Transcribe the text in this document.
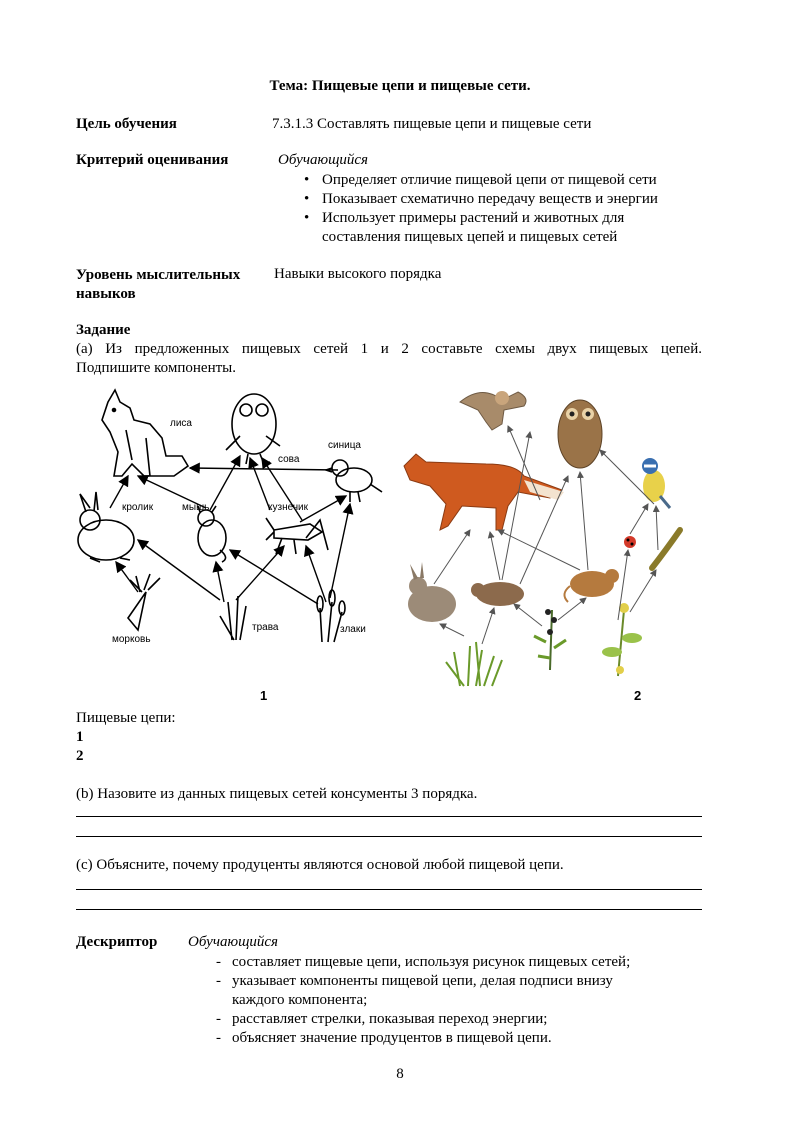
Тема: Пищевые цепи и пищевые сети.
Цель обучения	7.3.1.3 Составлять пищевые цепи и пищевые сети
Критерий оценивания	Обучающийся
• Определяет отличие пищевой цепи от пищевой сети
• Показывает схематично передачу веществ и энергии
• Использует примеры растений и животных для
составления пищевых цепей и пищевых сетей
Уровень мыслительных
навыков
Навыки высокого порядка
Задание
(a) Из предложенных пищевых сетей 1 и 2 составьте схемы двух пищевых цепей.
Подпишите компоненты.
лиса
сова
синица
кролик	мышь	кузнечик
морковь
трава	злаки
1	2
Пищевые цепи:
1
2
(b) Назовите из данных пищевых сетей консументы 3 порядка.
(c) Объясните, почему продуценты являются основой любой пищевой цепи.
Дескриптор Обучающийся
- составляет пищевые цепи, используя рисунок пищевых сетей;
- указывает компоненты пищевой цепи, делая подписи внизу
каждого компонента;
- расставляет стрелки, показывая переход энергии;
- объясняет значение продуцентов в пищевой цепи.
8
